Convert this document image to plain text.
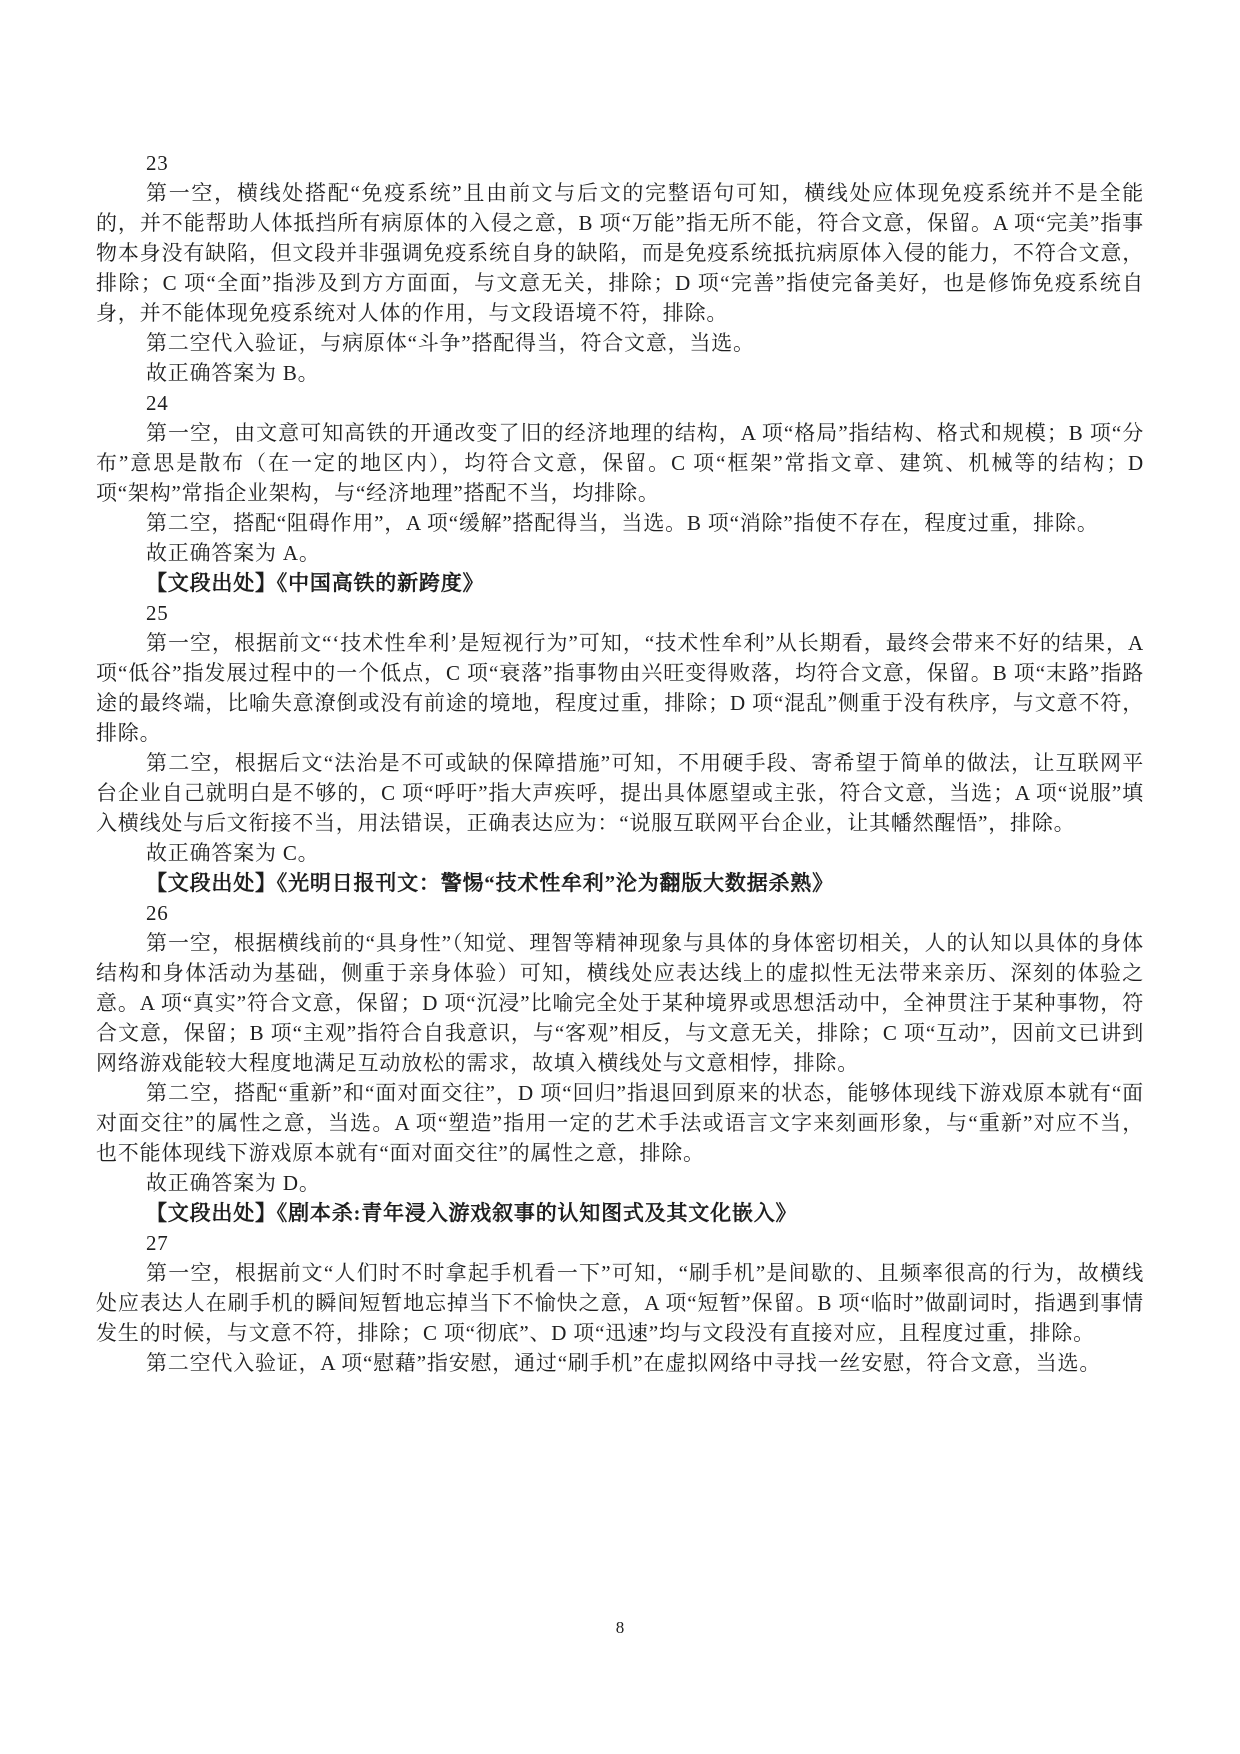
23

第一空，横线处搭配“免疫系统”且由前文与后文的完整语句可知，横线处应体现免疫系统并不是全能的，并不能帮助人体抵挡所有病原体的入侵之意，B 项“万能”指无所不能，符合文意，保留。A 项“完美”指事物本身没有缺陷，但文段并非强调免疫系统自身的缺陷，而是免疫系统抵抗病原体入侵的能力，不符合文意，排除；C 项“全面”指涉及到方方面面，与文意无关，排除；D 项“完善”指使完备美好，也是修饰免疫系统自身，并不能体现免疫系统对人体的作用，与文段语境不符，排除。

第二空代入验证，与病原体“斗争”搭配得当，符合文意，当选。

故正确答案为 B。

24

第一空，由文意可知高铁的开通改变了旧的经济地理的结构，A 项“格局”指结构、格式和规模；B 项“分布”意思是散布（在一定的地区内），均符合文意，保留。C 项“框架”常指文章、建筑、机械等的结构；D 项“架构”常指企业架构，与“经济地理”搭配不当，均排除。

第二空，搭配“阻碍作用”，A 项“缓解”搭配得当，当选。B 项“消除”指使不存在，程度过重，排除。

故正确答案为 A。

【文段出处】《中国高铁的新跨度》

25

第一空，根据前文“‘技术性牟利’是短视行为”可知，“技术性牟利”从长期看，最终会带来不好的结果，A 项“低谷”指发展过程中的一个低点，C 项“衰落”指事物由兴旺变得败落，均符合文意，保留。B 项“末路”指路途的最终端，比喻失意潦倒或没有前途的境地，程度过重，排除；D 项“混乱”侧重于没有秩序，与文意不符，排除。

第二空，根据后文“法治是不可或缺的保障措施”可知，不用硬手段、寄希望于简单的做法，让互联网平台企业自己就明白是不够的，C 项“呼吁”指大声疾呼，提出具体愿望或主张，符合文意，当选；A 项“说服”填入横线处与后文衔接不当，用法错误，正确表达应为：“说服互联网平台企业，让其幡然醒悟”，排除。

故正确答案为 C。

【文段出处】《光明日报刊文：警惕“技术性牟利”沦为翻版大数据杀熟》

26

第一空，根据横线前的“具身性”（知觉、理智等精神现象与具体的身体密切相关，人的认知以具体的身体结构和身体活动为基础，侧重于亲身体验）可知，横线处应表达线上的虚拟性无法带来亲历、深刻的体验之意。A 项“真实”符合文意，保留；D 项“沉浸”比喻完全处于某种境界或思想活动中，全神贯注于某种事物，符合文意，保留；B 项“主观”指符合自我意识，与“客观”相反，与文意无关，排除；C 项“互动”，因前文已讲到网络游戏能较大程度地满足互动放松的需求，故填入横线处与文意相悖，排除。

第二空，搭配“重新”和“面对面交往”，D 项“回归”指退回到原来的状态，能够体现线下游戏原本就有“面对面交往”的属性之意，当选。A 项“塑造”指用一定的艺术手法或语言文字来刻画形象，与“重新”对应不当，也不能体现线下游戏原本就有“面对面交往”的属性之意，排除。

故正确答案为 D。

【文段出处】《剧本杀:青年浸入游戏叙事的认知图式及其文化嵌入》

27

第一空，根据前文“人们时不时拿起手机看一下”可知，“刷手机”是间歇的、且频率很高的行为，故横线处应表达人在刷手机的瞬间短暂地忘掉当下不愉快之意，A 项“短暂”保留。B 项“临时”做副词时，指遇到事情发生的时候，与文意不符，排除；C 项“彻底”、D 项“迅速”均与文段没有直接对应，且程度过重，排除。

第二空代入验证，A 项“慰藉”指安慰，通过“刷手机”在虚拟网络中寻找一丝安慰，符合文意，当选。

8
